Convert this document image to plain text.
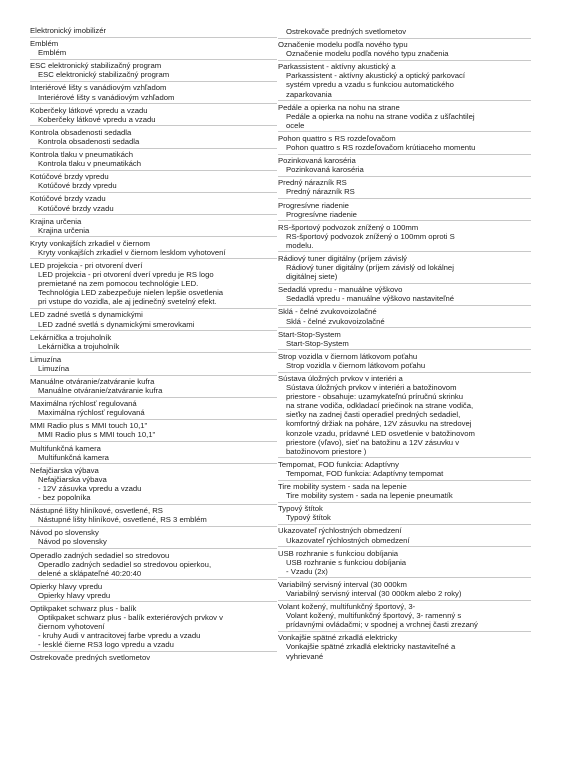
Elektronický imobilizér
Emblém
Emblém
ESC elektronický stabilizačný program
ESC elektronický stabilizačný program
Interiérové lišty s vanádiovým vzhľadom
Interiérové lišty s vanádiovým vzhľadom
Koberčeky látkové vpredu a vzadu
Koberčeky látkové vpredu a vzadu
Kontrola obsadenosti sedadla
Kontrola obsadenosti sedadla
Kontrola tlaku v pneumatikách
Kontrola tlaku v pneumatikách
Kotúčové brzdy vpredu
Kotúčové brzdy vpredu
Kotúčové brzdy vzadu
Kotúčové brzdy vzadu
Krajina určenia
Krajina určenia
Kryty vonkajších zrkadiel v čiernom
Kryty vonkajších zrkadiel v čiernom lesklom vyhotovení
LED projekcia - pri otvorení dverí
LED projekcia - pri otvorení dverí vpredu je RS logo
premietané na zem pomocou technológie LED.
Technológia LED zabezpečuje nielen lepšie osvetlenia
pri vstupe do vozidla, ale aj jedinečný svetelný efekt.
LED zadné svetlá s dynamickými
LED zadné svetlá s dynamickými smerovkami
Lekárnička a trojuholník
Lekárnička a trojuholník
Limuzína
Limuzína
Manuálne otváranie/zatváranie kufra
Manuálne otváranie/zatváranie kufra
Maximálna rýchlosť regulovaná
Maximálna rýchlosť regulovaná
MMI Radio plus s MMI touch 10,1"
MMI Radio plus s MMI touch 10,1"
Multifunkčná kamera
Multifunkčná kamera
Nefajčiarska výbava
Nefajčiarska výbava
- 12V zásuvka vpredu a vzadu
- bez popolníka
Nástupné lišty hliníkové, osvetlené, RS
Nástupné lišty hliníkové, osvetlené, RS 3 emblém
Návod po slovensky
Návod po slovensky
Operadlo zadných sedadiel so stredovou
Operadlo zadných sedadiel so stredovou opierkou,
delené a sklápateľné 40:20:40
Opierky hlavy vpredu
Opierky hlavy vpredu
Optikpaket schwarz plus - balík
Optikpaket schwarz plus - balík exteriérových prvkov v
čiernom vyhotovení
- kruhy Audi v antracitovej farbe vpredu a vzadu
- lesklé čierne RS3 logo vpredu a vzadu
Ostrekovače predných svetlometov
Ostrekovače predných svetlometov
Označenie modelu podľa nového typu
Označenie modelu podľa nového typu značenia
Parkassistent - aktívny akustický a
Parkassistent - aktívny akustický a optický parkovací
systém vpredu a vzadu s funkciou automatického
zaparkovania
Pedále a opierka na nohu na strane
Pedále a opierka na nohu na strane vodiča z ušľachtilej
ocele
Pohon quattro s RS rozdeľovačom
Pohon quattro s RS rozdeľovačom krútiaceho momentu
Pozinkovaná karoséria
Pozinkovaná karoséria
Predný nárazník RS
Predný nárazník RS
Progresívne riadenie
Progresívne riadenie
RS-športový podvozok znížený o 100mm
RS-športový podvozok znížený o 100mm oproti S
modelu.
Rádiový tuner digitálny (príjem závislý
Rádiový tuner digitálny (príjem závislý od lokálnej
digitálnej siete)
Sedadlá vpredu - manuálne výškovo
Sedadlá vpredu - manuálne výškovo nastaviteľné
Sklá - čelné zvukovoizolačné
Sklá - čelné zvukovoizolačné
Start-Stop-System
Start-Stop-System
Strop vozidla v čiernom látkovom poťahu
Strop vozidla v čiernom látkovom poťahu
Sústava úložných prvkov v interiéri a
Sústava úložných prvkov v interiéri a batožinovom
priestore - obsahuje: uzamykateľnú príručnú skrinku
na strane vodiča, odkladací priečinok na strane vodiča,
sieťky na zadnej časti operadiel predných sedadiel,
komfortný držiak na poháre, 12V zásuvku na stredovej
konzole vzadu, prídavné LED osvetlenie v batožinovom
priestore (vľavo), sieť na batožinu a 12V zásuvku v
batožinovom priestore )
Tempomat, FOD funkcia: Adaptívny
Tempomat, FOD funkcia: Adaptívny tempomat
Tire mobility system - sada na lepenie
Tire mobility system - sada na lepenie pneumatík
Typový štítok
Typový štítok
Ukazovateľ rýchlostných obmedzení
Ukazovateľ rýchlostných obmedzení
USB rozhranie s funkciou dobíjania
USB rozhranie s funkciou dobíjania
- Vzadu (2x)
Variabilný servisný interval (30 000km
Variabilný servisný interval (30 000km alebo 2 roky)
Volant kožený, multifunkčný športový, 3-
Volant kožený, multifunkčný športový, 3- ramenný s
prídavnými ovládačmi; v spodnej a vrchnej časti zrezaný
Vonkajšie spätné zrkadlá elektricky
Vonkajšie spätné zrkadlá elektricky nastaviteľné a
vyhrievané
